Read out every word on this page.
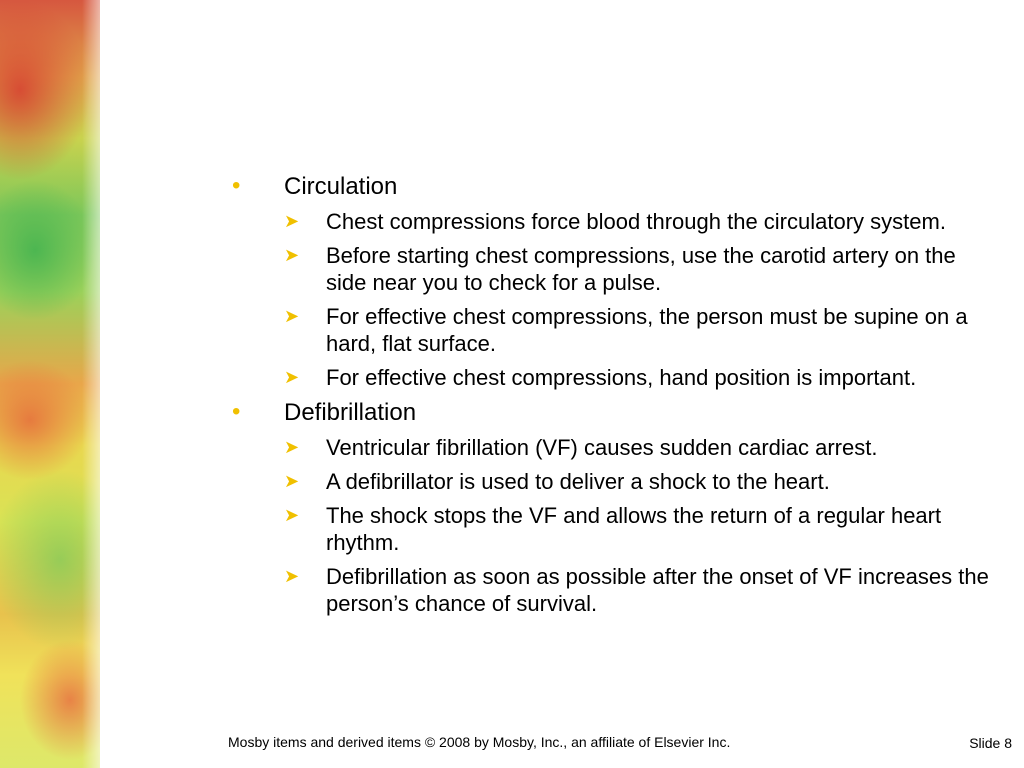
• Circulation
➤ Chest compressions force blood through the circulatory system.
➤ Before starting chest compressions, use the carotid artery on the side near you to check for a pulse.
➤ For effective chest compressions, the person must be supine on a hard, flat surface.
➤ For effective chest compressions, hand position is important.
• Defibrillation
➤ Ventricular fibrillation (VF) causes sudden cardiac arrest.
➤ A defibrillator is used to deliver a shock to the heart.
➤ The shock stops the VF and allows the return of a regular heart rhythm.
➤ Defibrillation as soon as possible after the onset of VF increases the person’s chance of survival.
Mosby items and derived items © 2008 by Mosby, Inc., an affiliate of Elsevier Inc.	Slide 8
